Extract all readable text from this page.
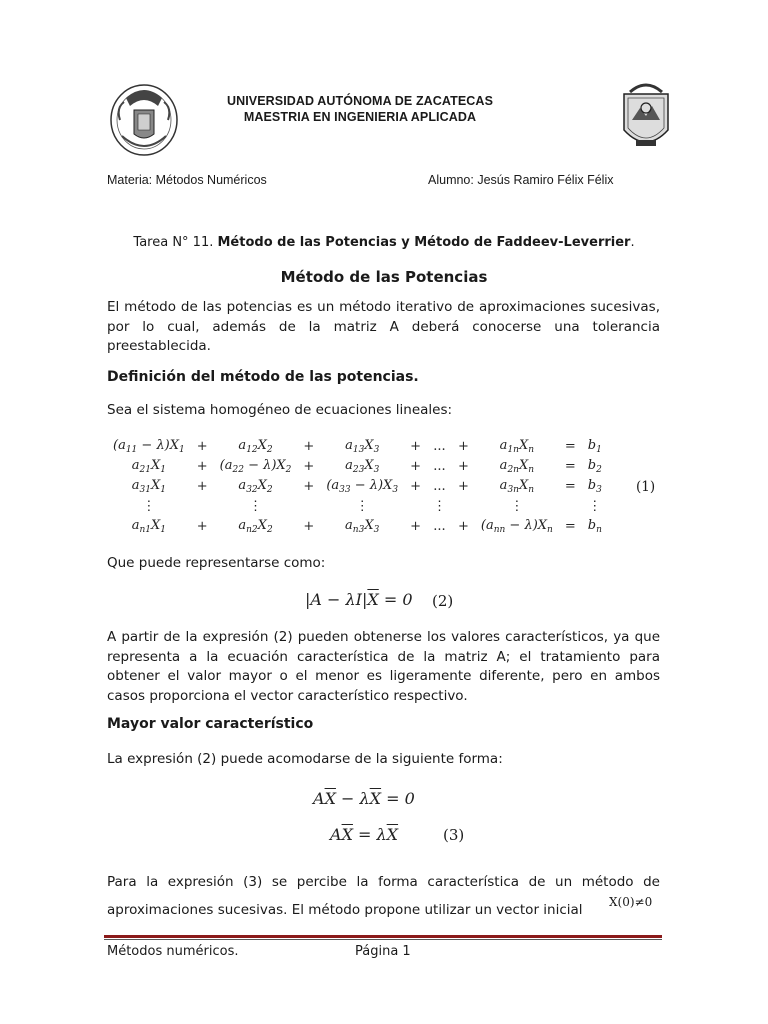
UNIVERSIDAD AUTÓNOMA DE ZACATECAS
MAESTRIA EN INGENIERIA APLICADA
Materia: Métodos Numéricos	Alumno: Jesús Ramiro Félix Félix
Tarea N° 11. Método de las Potencias y Método de Faddeev-Leverrier.
Método de las Potencias

El método de las potencias es un método iterativo de aproximaciones sucesivas, por lo cual, además de la matriz A deberá conocerse una tolerancia preestablecida.

Definición del método de las potencias.

Sea el sistema homogéneo de ecuaciones lineales:

$(a_{11} - \lambda)X_1$	+	$a_{12}X_2$	+	$a_{13}X_3$	+	...	+	$a_{1n}X_n$	=	$b_1$
$a_{21}X_1$	+	$(a_{22} - \lambda)X_2$	+	$a_{23}X_3$	+	...	+	$a_{2n}X_n$	=	$b_2$
$a_{31}X_1$	+	$a_{32}X_2$	+	$(a_{33} - \lambda)X_3$	+	...	+	$a_{3n}X_n$	=	$b_3$
⋮		⋮		⋮		⋮		⋮		⋮
$a_{n1}X_1$	+	$a_{n2}X_2$	+	$a_{n3}X_3$	+	...	+	$(a_{nn} - \lambda)X_n$	=	$b_n$
(1)

Que puede representarse como:

$|A - \lambda I|\overline{X} = 0$ (2)

A partir de la expresión (2) pueden obtenerse los valores característicos, ya que representa a la ecuación característica de la matriz A; el tratamiento para obtener el valor mayor o el menor es ligeramente diferente, pero en ambos casos proporciona el vector característico respectivo.

Mayor valor característico

La expresión (2) puede acomodarse de la siguiente forma:

$A\overline{X} - \lambda\overline{X} = 0$
$A\overline{X} = \lambda\overline{X}$	(3)

Para la expresión (3) se percibe la forma característica de un método de aproximaciones sucesivas. El método propone utilizar un vector inicial	X(0)≠0
Métodos numéricos.	Página 1
